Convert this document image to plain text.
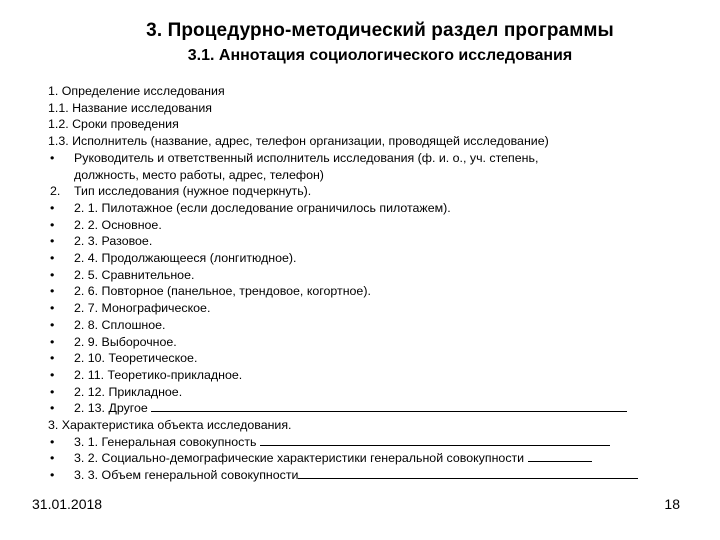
3. Процедурно-методический раздел программы
3.1. Аннотация социологического исследования
1. Определение исследования
1.1. Название исследования
1.2. Сроки проведения
1.3. Исполнитель (название, адрес, телефон организации, проводящей исследование)
•	Руководитель и ответственный исполнитель исследования (ф. и. о., уч. степень,
должность, место работы, адрес, телефон)
2.	Тип исследования (нужное подчеркнуть).
•	2. 1. Пилотажное (если доследование ограничилось пилотажем).
•	2. 2. Основное.
•	2. 3. Разовое.
•	2. 4. Продолжающееся (лонгитюдное).
•	2. 5. Сравнительное.
•	2. 6. Повторное (панельное, трендовое, когортное).
•	2. 7. Монографическое.
•	2. 8. Сплошное.
•	2. 9. Выборочное.
•	2. 10. Теоретическое.
•	2. 11. Теоретико-прикладное.
•	2. 12. Прикладное.
•	2. 13. Другое
3. Характеристика объекта исследования.
•	3. 1. Генеральная совокупность
•	3. 2. Социально-демографические характеристики генеральной совокупности
•	3. 3. Объем генеральной совокупности
31.01.2018	18
